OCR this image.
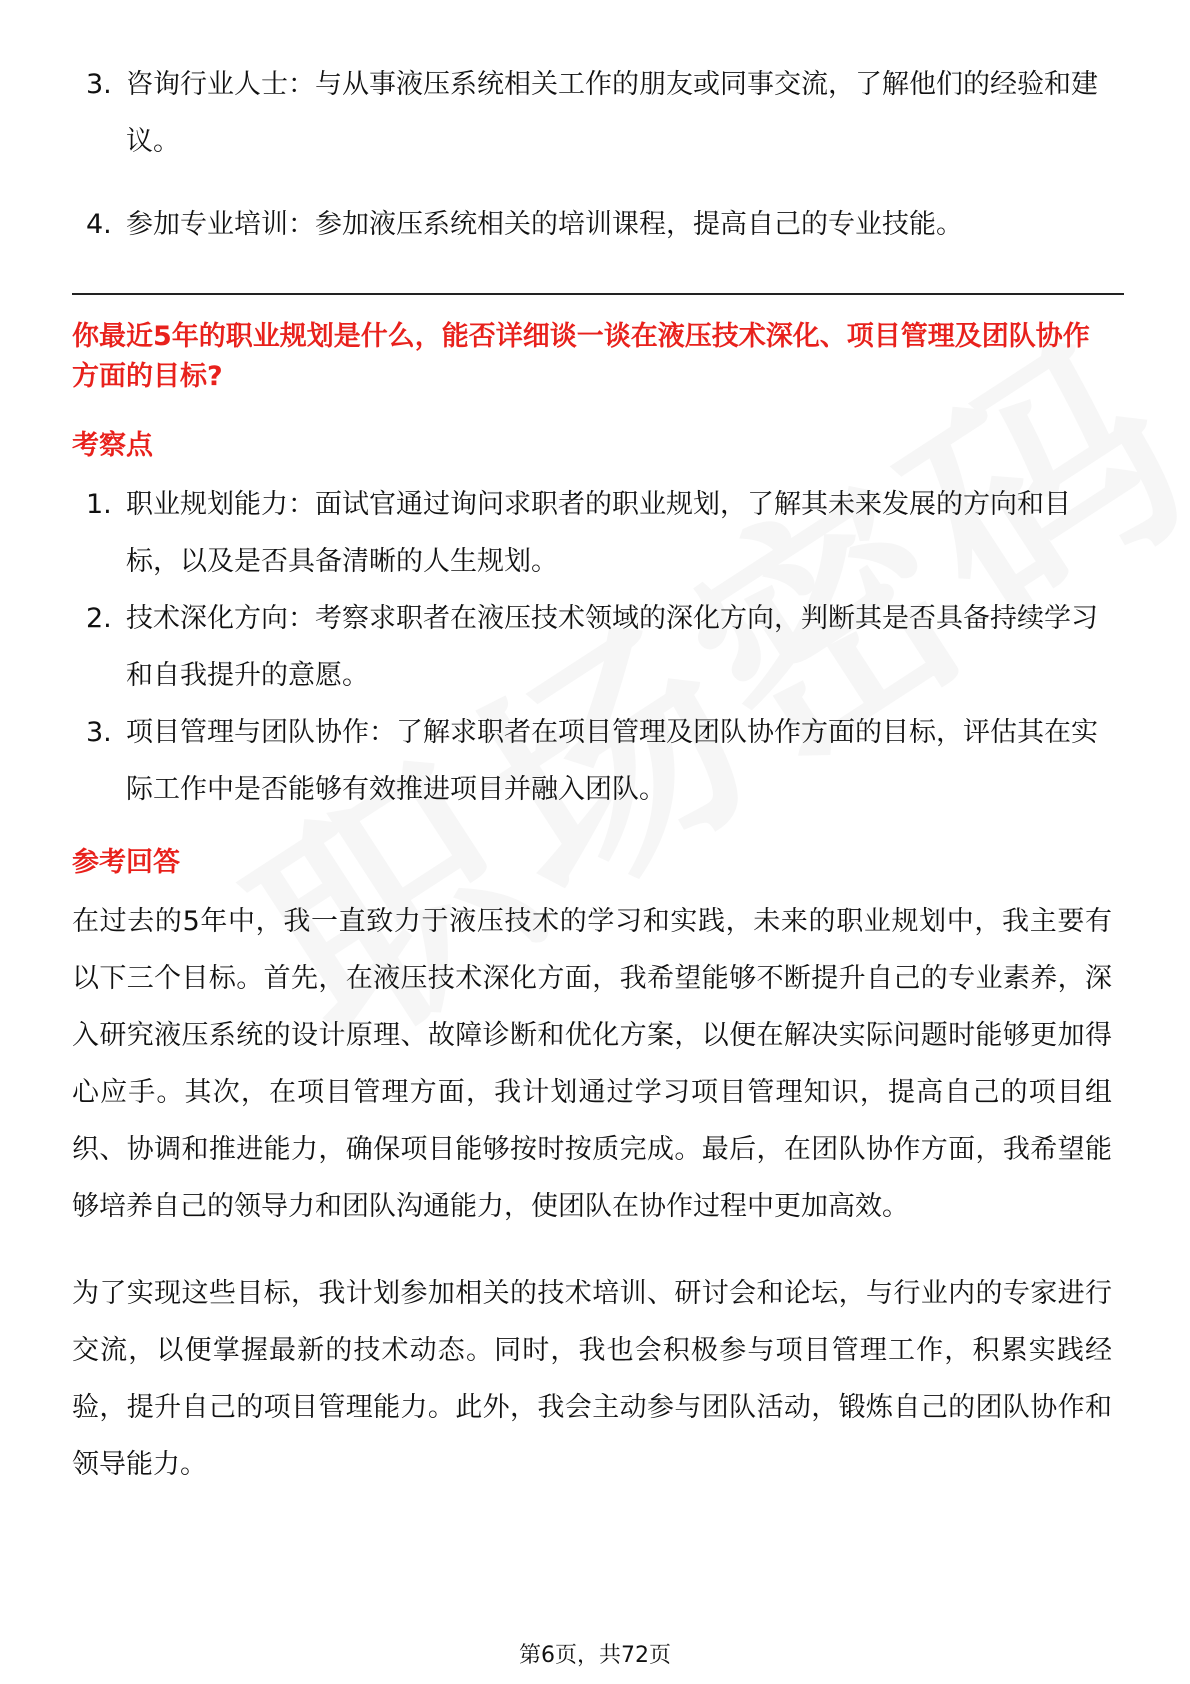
3. 咨询行业人士：与从事液压系统相关工作的朋友或同事交流，了解他们的经验和建议。
4. 参加专业培训：参加液压系统相关的培训课程，提高自己的专业技能。
你最近5年的职业规划是什么，能否详细谈一谈在液压技术深化、项目管理及团队协作方面的目标?
考察点
1. 职业规划能力：面试官通过询问求职者的职业规划，了解其未来发展的方向和目标，以及是否具备清晰的人生规划。
2. 技术深化方向：考察求职者在液压技术领域的深化方向，判断其是否具备持续学习和自我提升的意愿。
3. 项目管理与团队协作：了解求职者在项目管理及团队协作方面的目标，评估其在实际工作中是否能够有效推进项目并融入团队。
参考回答
在过去的5年中，我一直致力于液压技术的学习和实践，未来的职业规划中，我主要有以下三个目标。首先，在液压技术深化方面，我希望能够不断提升自己的专业素养，深入研究液压系统的设计原理、故障诊断和优化方案，以便在解决实际问题时能够更加得心应手。其次，在项目管理方面，我计划通过学习项目管理知识，提高自己的项目组织、协调和推进能力，确保项目能够按时按质完成。最后，在团队协作方面，我希望能够培养自己的领导力和团队沟通能力，使团队在协作过程中更加高效。
为了实现这些目标，我计划参加相关的技术培训、研讨会和论坛，与行业内的专家进行交流，以便掌握最新的技术动态。同时，我也会积极参与项目管理工作，积累实践经验，提升自己的项目管理能力。此外，我会主动参与团队活动，锻炼自己的团队协作和领导能力。
第6页，共72页
